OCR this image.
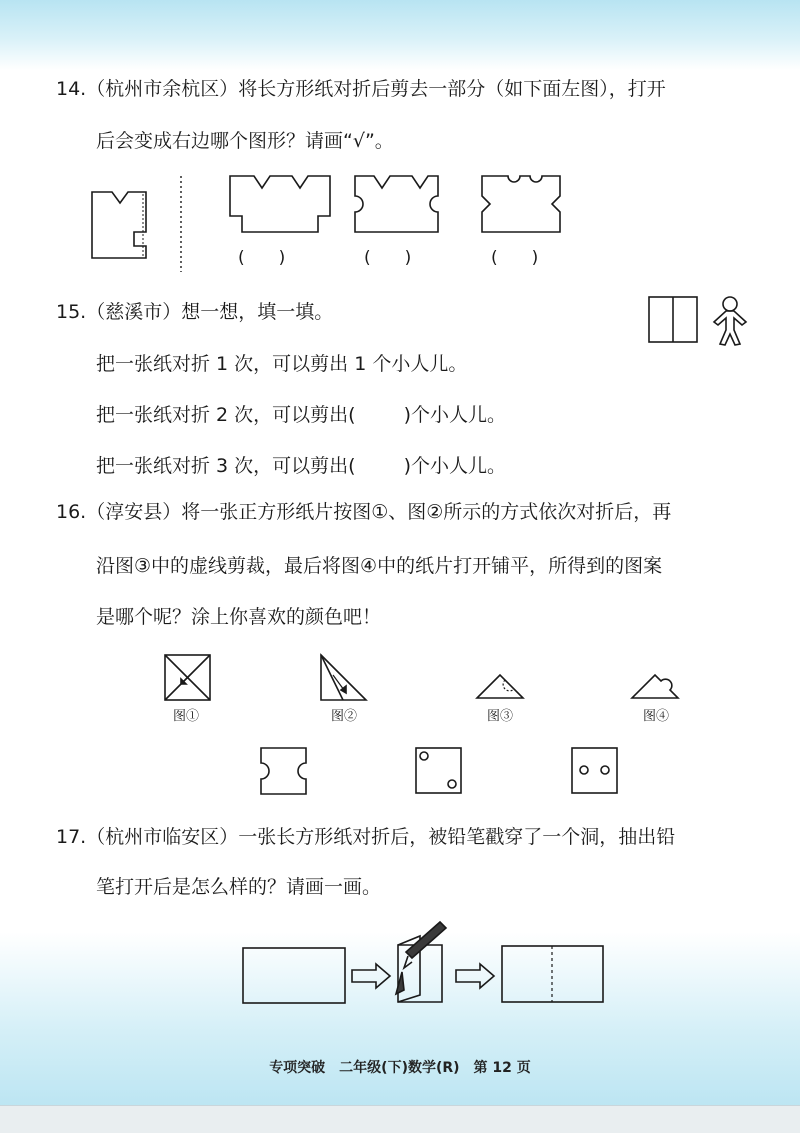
14.（杭州市余杭区）将长方形纸对折后剪去一部分（如下面左图），打开
后会变成右边哪个图形？请画“√”。
15.（慈溪市）想一想，填一填。
把一张纸对折 1 次，可以剪出 1 个小人儿。
把一张纸对折 2 次，可以剪出(	)个小人儿。
把一张纸对折 3 次，可以剪出(	)个小人儿。
16.（淳安县）将一张正方形纸片按图①、图②所示的方式依次对折后，再
沿图③中的虚线剪裁，最后将图④中的纸片打开铺平，所得到的图案
是哪个呢？涂上你喜欢的颜色吧！
17.（杭州市临安区）一张长方形纸对折后，被铅笔戳穿了一个洞，抽出铅
笔打开后是怎么样的？请画一画。
(　　)	(　　)	(　　)
图①	图②	图③	图④
专项突破　二年级(下)数学(R)　第 12 页
